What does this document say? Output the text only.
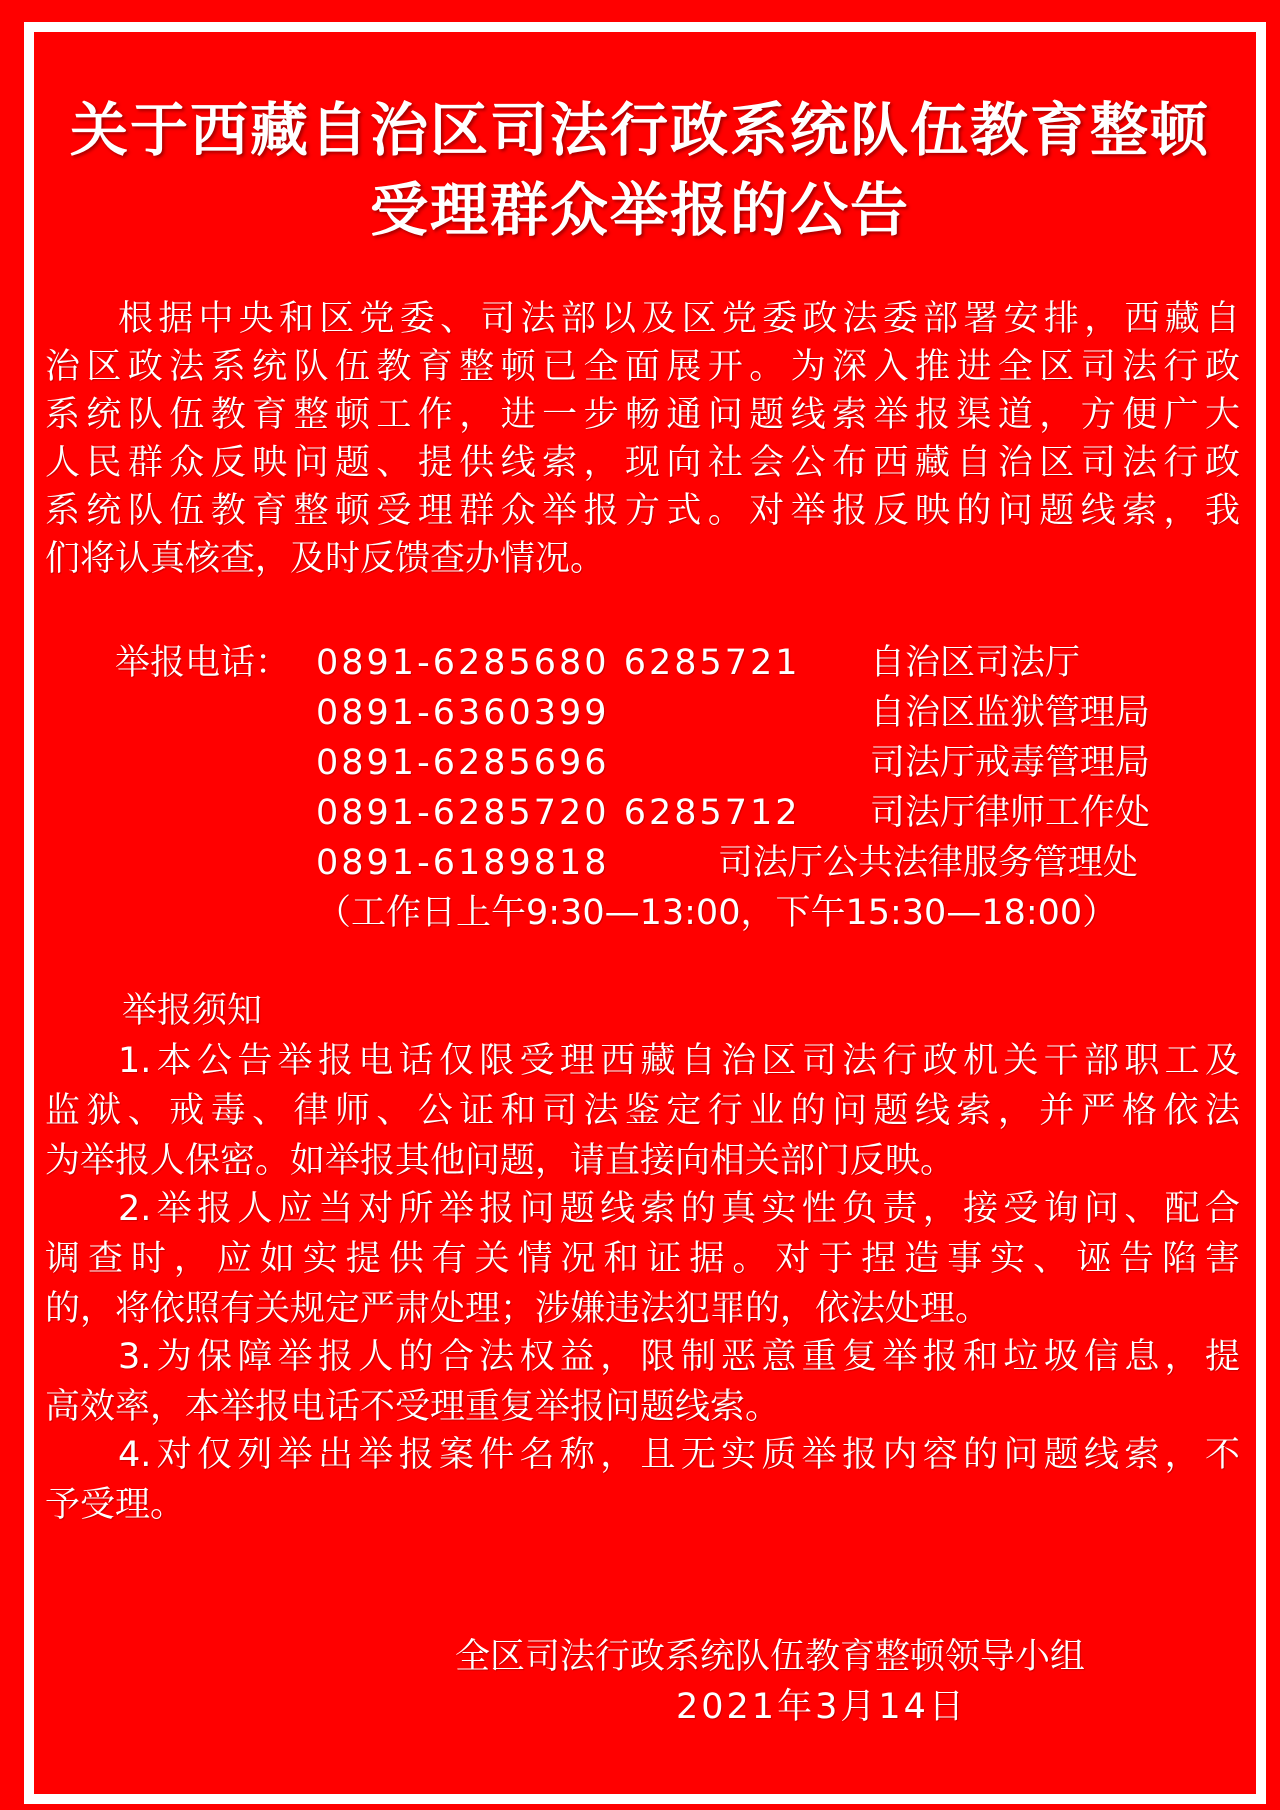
关于西藏自治区司法行政系统队伍教育整顿
受理群众举报的公告
根据中央和区党委、司法部以及区党委政法委部署安排，西藏自
治区政法系统队伍教育整顿已全面展开。为深入推进全区司法行政
系统队伍教育整顿工作，进一步畅通问题线索举报渠道，方便广大
人民群众反映问题、提供线索，现向社会公布西藏自治区司法行政
系统队伍教育整顿受理群众举报方式。对举报反映的问题线索，我
们将认真核查，及时反馈查办情况。
举报电话： 0891-6285680 6285721 自治区司法厅
0891-6360399	自治区监狱管理局
0891-6285696	司法厅戒毒管理局
0891-6285720 6285712 司法厅律师工作处
0891-6189818	司法厅公共法律服务管理处
（工作日上午9:30—13:00，下午15:30—18:00）
举报须知
1.本公告举报电话仅限受理西藏自治区司法行政机关干部职工及
监狱、戒毒、律师、公证和司法鉴定行业的问题线索，并严格依法
为举报人保密。如举报其他问题，请直接向相关部门反映。
2.举报人应当对所举报问题线索的真实性负责，接受询问、配合
调查时，应如实提供有关情况和证据。对于捏造事实、诬告陷害
的，将依照有关规定严肃处理；涉嫌违法犯罪的，依法处理。
3.为保障举报人的合法权益，限制恶意重复举报和垃圾信息，提
高效率，本举报电话不受理重复举报问题线索。
4.对仅列举出举报案件名称，且无实质举报内容的问题线索，不
予受理。
全区司法行政系统队伍教育整顿领导小组
2021年3月14日
